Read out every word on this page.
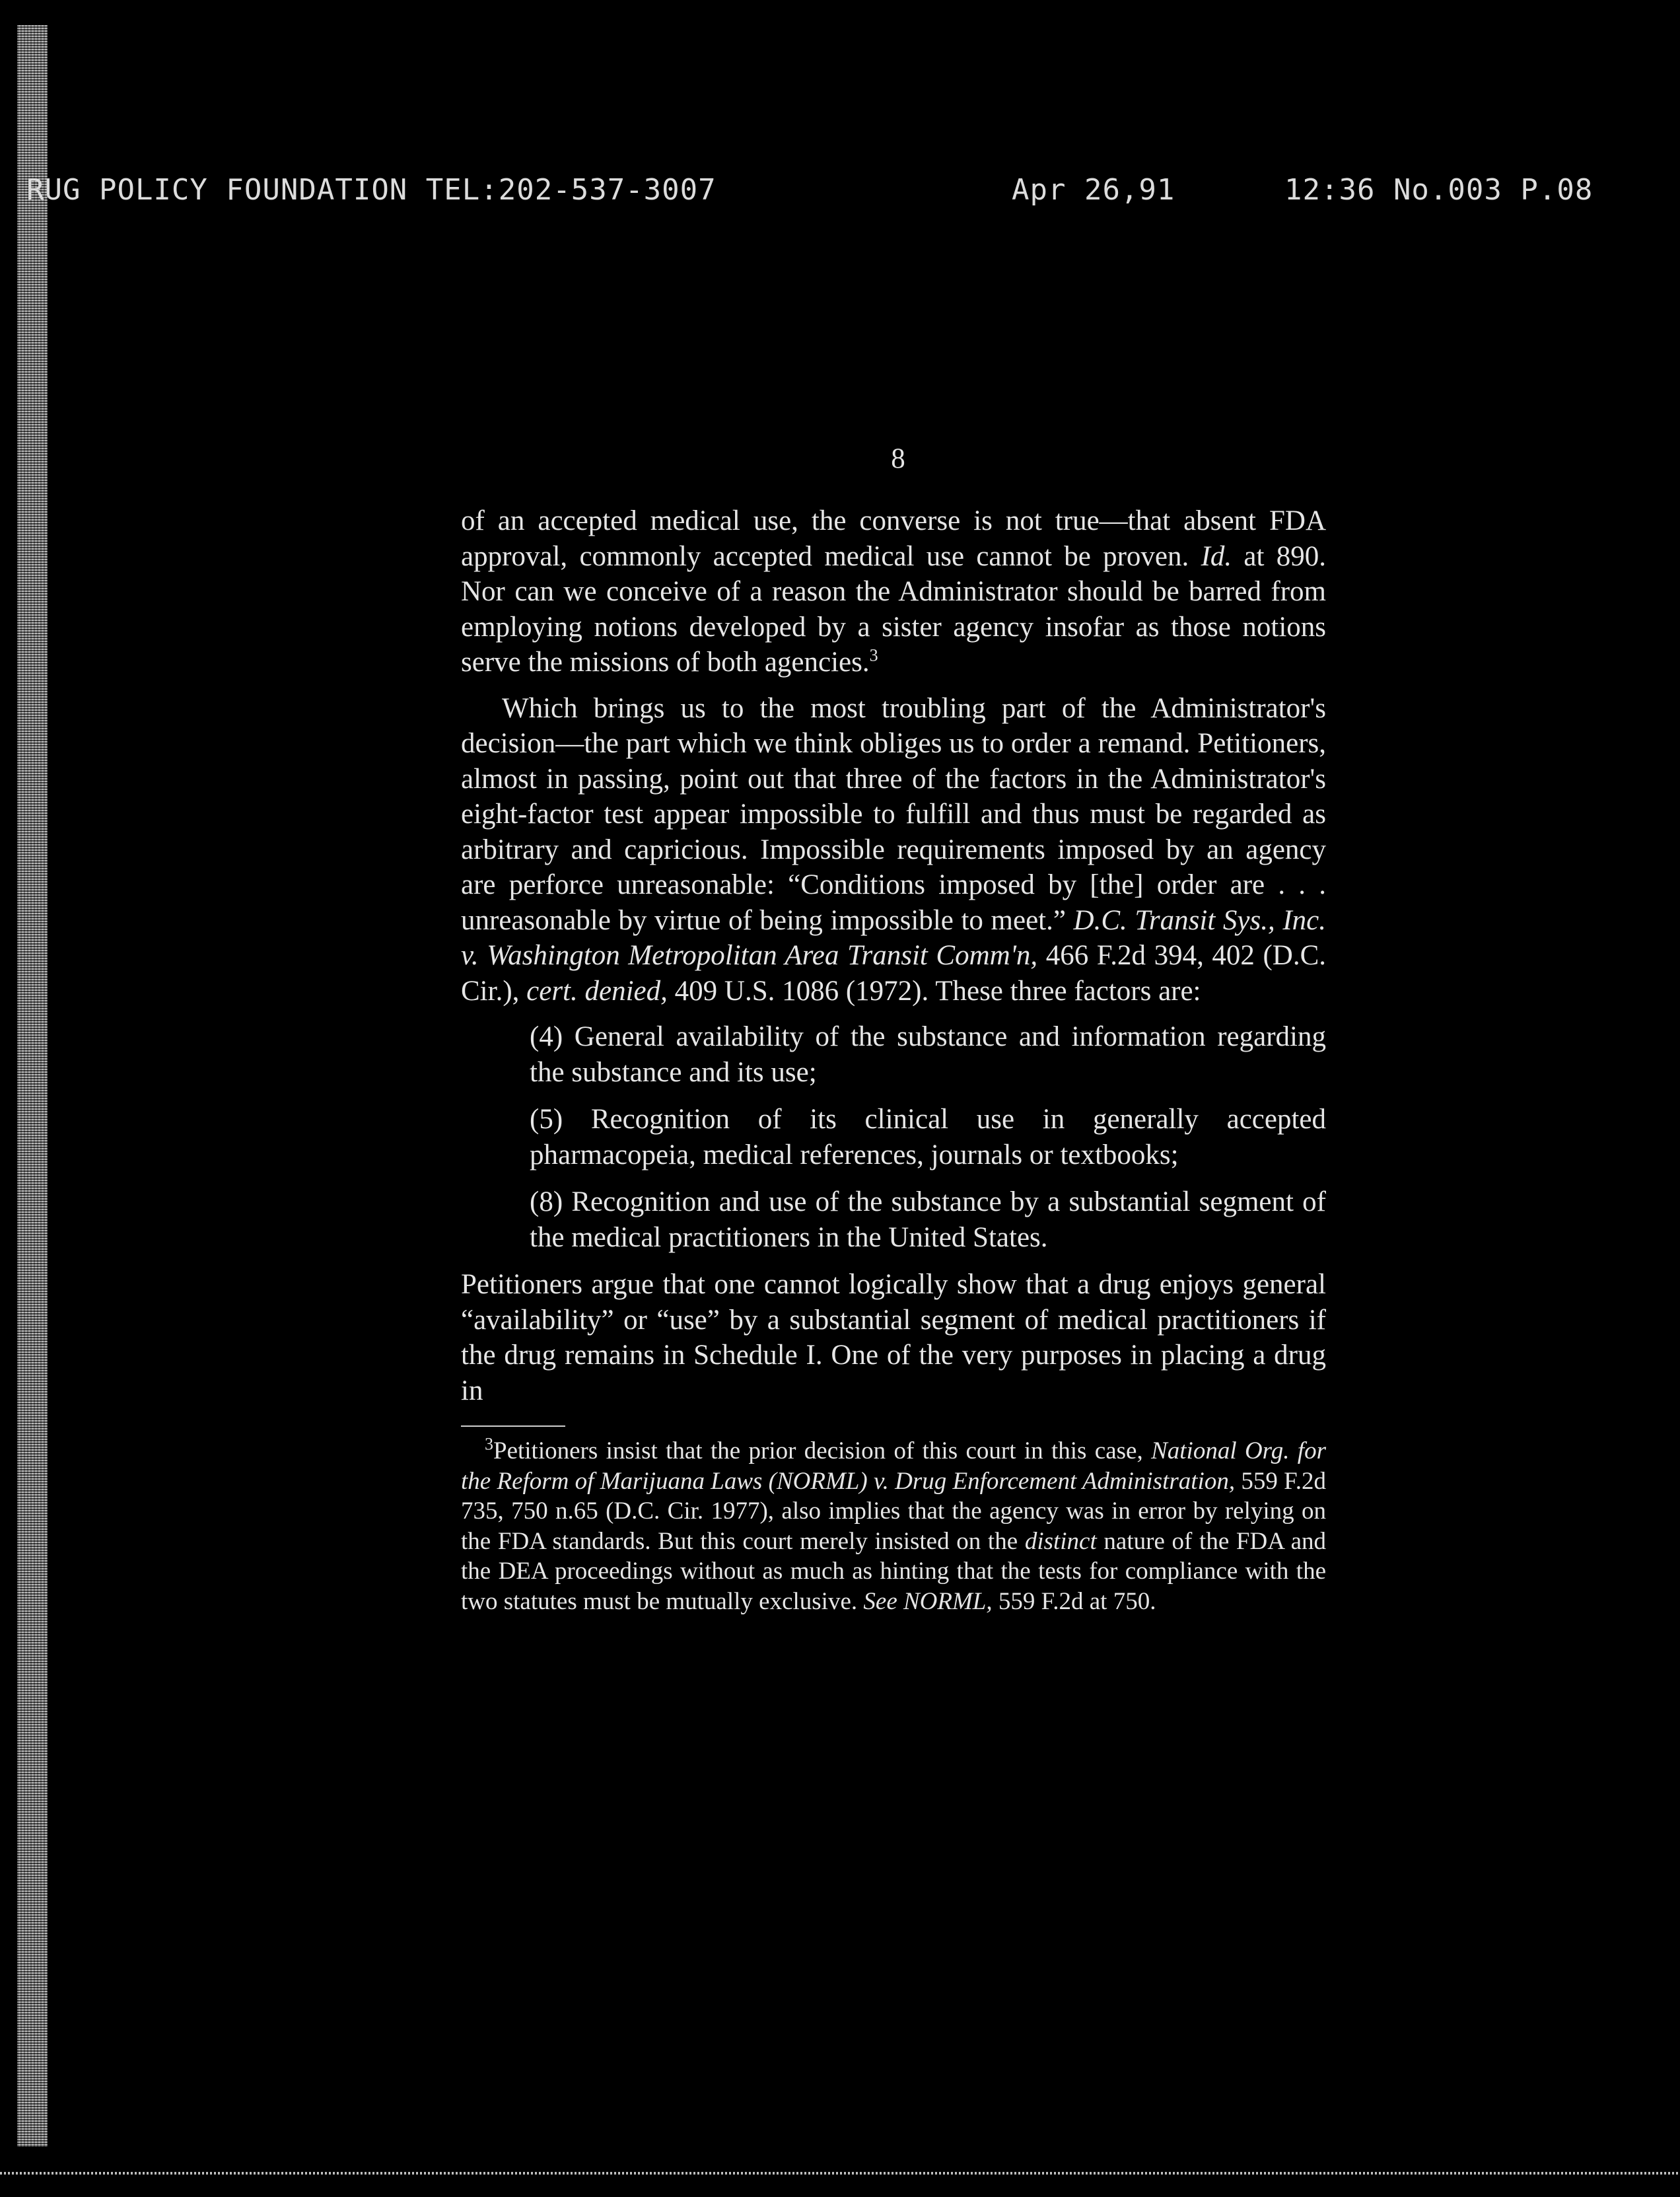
RUG POLICY FOUNDATION TEL:202-537-3007

	Apr 26,91

	12:36 No.003 P.08

8

of an accepted medical use, the converse is not true—that absent FDA approval, commonly accepted medical use cannot be proven. Id. at 890. Nor can we conceive of a reason the Administrator should be barred from employing notions developed by a sister agency insofar as those notions serve the missions of both agencies.$^3$

Which brings us to the most troubling part of the Administrator's decision—the part which we think obliges us to order a remand. Petitioners, almost in passing, point out that three of the factors in the Administrator's eight-factor test appear impossible to fulfill and thus must be regarded as arbitrary and capricious. Impossible requirements imposed by an agency are perforce unreasonable: “Conditions imposed by [the] order are . . . unreasonable by virtue of being impossible to meet.” D.C. Transit Sys., Inc. v. Washington Metropolitan Area Transit Comm'n, 466 F.2d 394, 402 (D.C. Cir.), cert. denied, 409 U.S. 1086 (1972). These three factors are:

(4) General availability of the substance and information regarding the substance and its use;

(5) Recognition of its clinical use in generally accepted pharmacopeia, medical references, journals or textbooks;

(8) Recognition and use of the substance by a substantial segment of the medical practitioners in the United States.

Petitioners argue that one cannot logically show that a drug enjoys general “availability” or “use” by a substantial segment of medical practitioners if the drug remains in Schedule I. One of the very purposes in placing a drug in

$^3$Petitioners insist that the prior decision of this court in this case, National Org. for the Reform of Marijuana Laws (NORML) v. Drug Enforcement Administration, 559 F.2d 735, 750 n.65 (D.C. Cir. 1977), also implies that the agency was in error by relying on the FDA standards. But this court merely insisted on the distinct nature of the FDA and the DEA proceedings without as much as hinting that the tests for compliance with the two statutes must be mutually exclusive. See NORML, 559 F.2d at 750.
